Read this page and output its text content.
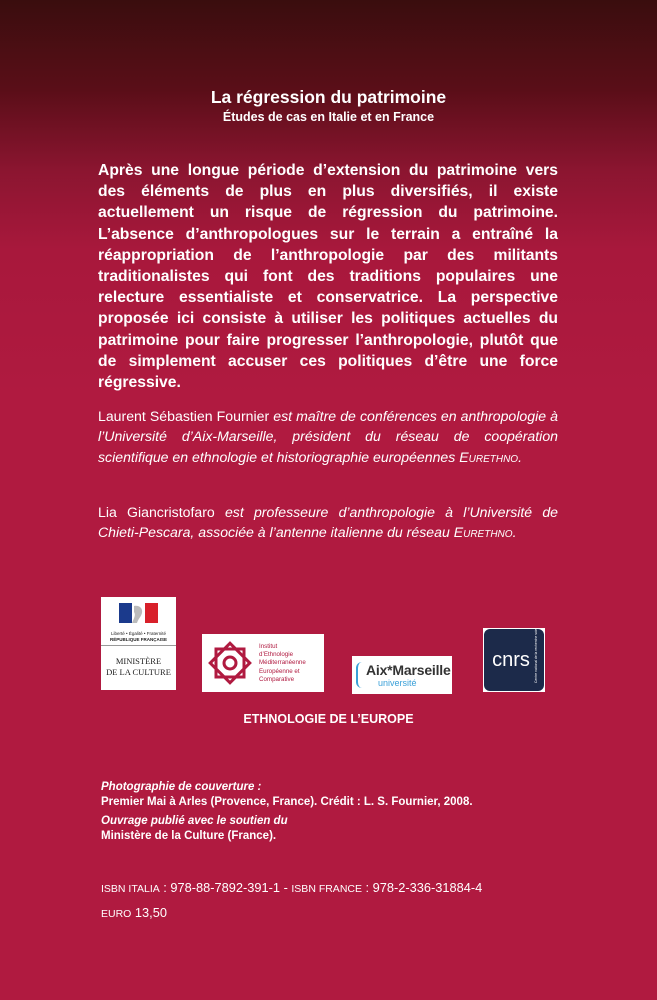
La régression du patrimoine
Études de cas en Italie et en France

Après une longue période d’extension du patrimoine vers des éléments de plus en plus diversifiés, il existe actuellement un risque de régression du patrimoine. L’absence d’anthropologues sur le terrain a entraîné la réappropriation de l’anthropologie par des militants traditionalistes qui font des traditions populaires une relecture essentialiste et conservatrice. La perspective proposée ici consiste à utiliser les politiques actuelles du patrimoine pour faire progresser l’anthropologie, plutôt que de simplement accuser ces politiques d’être une force régressive.

Laurent Sébastien Fournier est maître de conférences en anthropologie à l’Université d’Aix-Marseille, président du réseau de coopération scientifique en ethnologie et historiographie européennes Eurethno.

Lia Giancristofaro est professeure d’anthropologie à l’Université de Chieti-Pescara, associée à l’antenne italienne du réseau Eurethno.

Liberté • Égalité • Fraternité
RÉPUBLIQUE FRANÇAISE
MINISTÈRE
DE LA CULTURE
Institut
d’Ethnologie
Méditerranéenne
Européenne et
Comparative
Aix*Marseille
université
cnrs Centre national de la recherche scientifique
ETHNOLOGIE DE L’EUROPE
Photographie de couverture :
Premier Mai à Arles (Provence, France). Crédit : L. S. Fournier, 2008.
Ouvrage publié avec le soutien du
Ministère de la Culture (France).
ISBN ITALIA : 978-88-7892-391-1 - ISBN FRANCE : 978-2-336-31884-4
EURO 13,50
